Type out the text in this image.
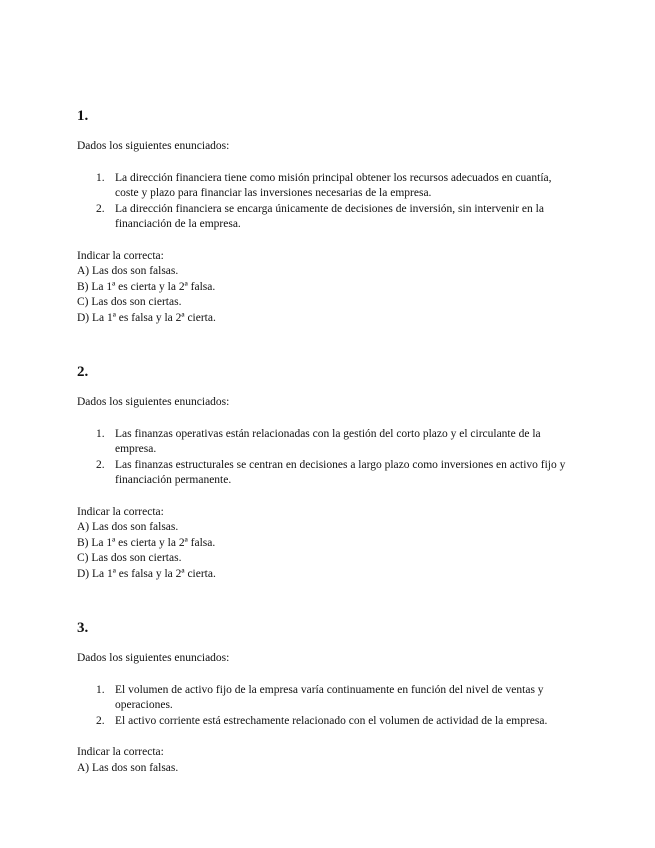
1.

Dados los siguientes enunciados:

1. La dirección financiera tiene como misión principal obtener los recursos adecuados en cuantía, coste y plazo para financiar las inversiones necesarias de la empresa.
2. La dirección financiera se encarga únicamente de decisiones de inversión, sin intervenir en la financiación de la empresa.

Indicar la correcta:

A) Las dos son falsas.

B) La 1ª es cierta y la 2ª falsa.

C) Las dos son ciertas.

D) La 1ª es falsa y la 2ª cierta.

2.

Dados los siguientes enunciados:

1. Las finanzas operativas están relacionadas con la gestión del corto plazo y el circulante de la empresa.
2. Las finanzas estructurales se centran en decisiones a largo plazo como inversiones en activo fijo y financiación permanente.

Indicar la correcta:

A) Las dos son falsas.

B) La 1ª es cierta y la 2ª falsa.

C) Las dos son ciertas.

D) La 1ª es falsa y la 2ª cierta.

3.

Dados los siguientes enunciados:

1. El volumen de activo fijo de la empresa varía continuamente en función del nivel de ventas y operaciones.
2. El activo corriente está estrechamente relacionado con el volumen de actividad de la empresa.

Indicar la correcta:

A) Las dos son falsas.
